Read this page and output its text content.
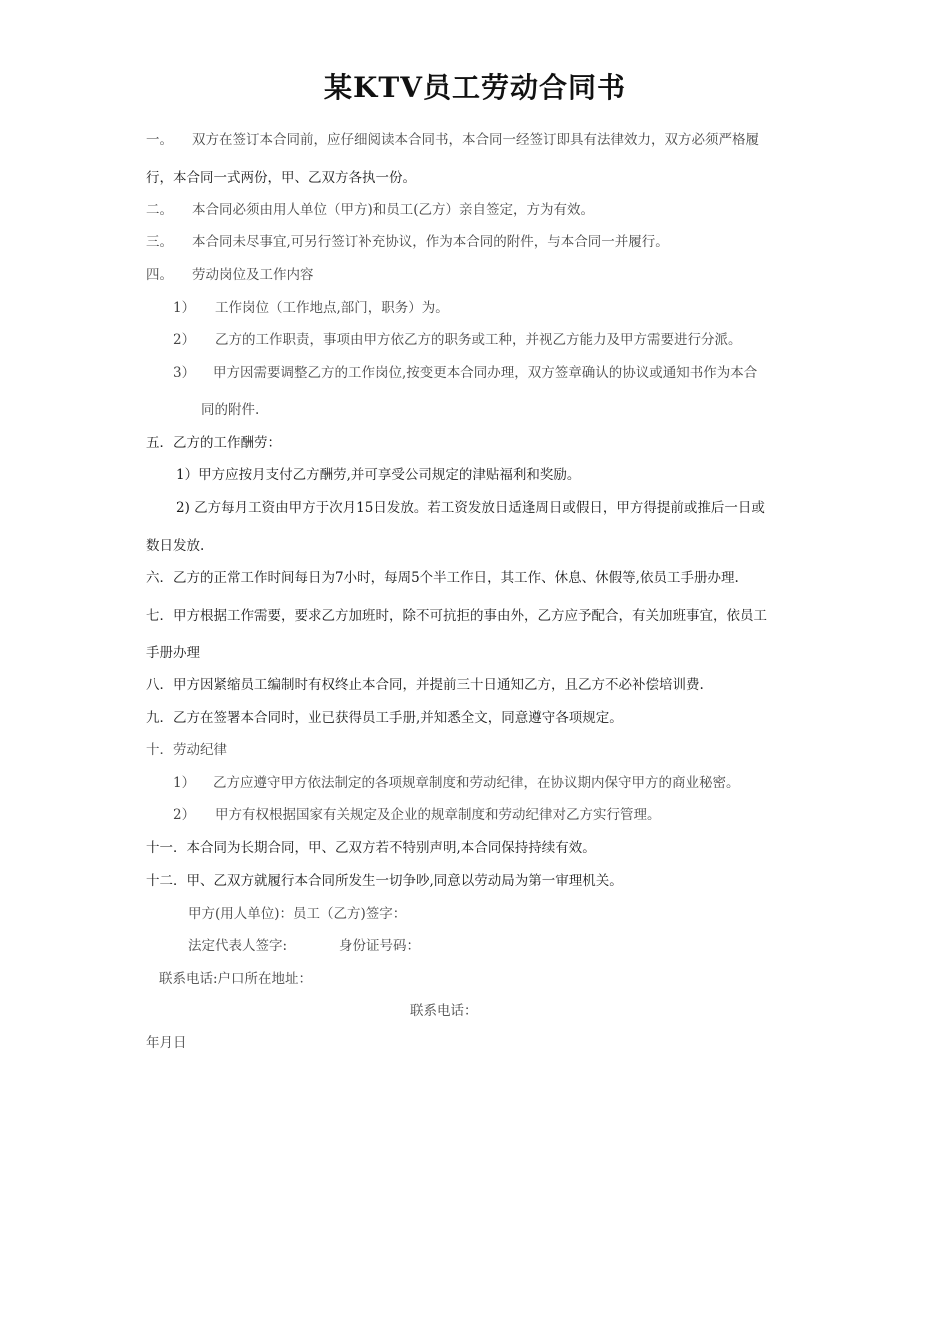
某KTV员工劳动合同书
一。 双方在签订本合同前，应仔细阅读本合同书，本合同一经签订即具有法律效力，双方必须严格履
行，本合同一式两份，甲、乙双方各执一份。
二。 本合同必须由用人单位（甲方)和员工(乙方）亲自签定，方为有效。
三。 本合同未尽事宜,可另行签订补充协议，作为本合同的附件，与本合同一并履行。
四。 劳动岗位及工作内容
1） 工作岗位（工作地点,部门，职务）为。
2） 乙方的工作职责，事项由甲方依乙方的职务或工种，并视乙方能力及甲方需要进行分派。
3） 甲方因需要调整乙方的工作岗位,按变更本合同办理，双方签章确认的协议或通知书作为本合
同的附件.
五．乙方的工作酬劳：
1）甲方应按月支付乙方酬劳,并可享受公司规定的津贴福利和奖励。
2) 乙方每月工资由甲方于次月15日发放。若工资发放日适逢周日或假日，甲方得提前或推后一日或
数日发放.
六．乙方的正常工作时间每日为7小时，每周5个半工作日，其工作、休息、休假等,依员工手册办理.
七．甲方根据工作需要，要求乙方加班时，除不可抗拒的事由外，乙方应予配合，有关加班事宜，依员工
手册办理
八．甲方因紧缩员工编制时有权终止本合同，并提前三十日通知乙方，且乙方不必补偿培训费.
九．乙方在签署本合同时，业已获得员工手册,并知悉全文，同意遵守各项规定。
十．劳动纪律
1） 乙方应遵守甲方依法制定的各项规章制度和劳动纪律，在协议期内保守甲方的商业秘密。
2） 甲方有权根据国家有关规定及企业的规章制度和劳动纪律对乙方实行管理。
十一．本合同为长期合同，甲、乙双方若不特别声明,本合同保持持续有效。
十二．甲、乙双方就履行本合同所发生一切争吵,同意以劳动局为第一审理机关。
甲方(用人单位)：员工（乙方)签字：
法定代表人签字:	身份证号码：
联系电话:户口所在地址：
联系电话：
年月日
